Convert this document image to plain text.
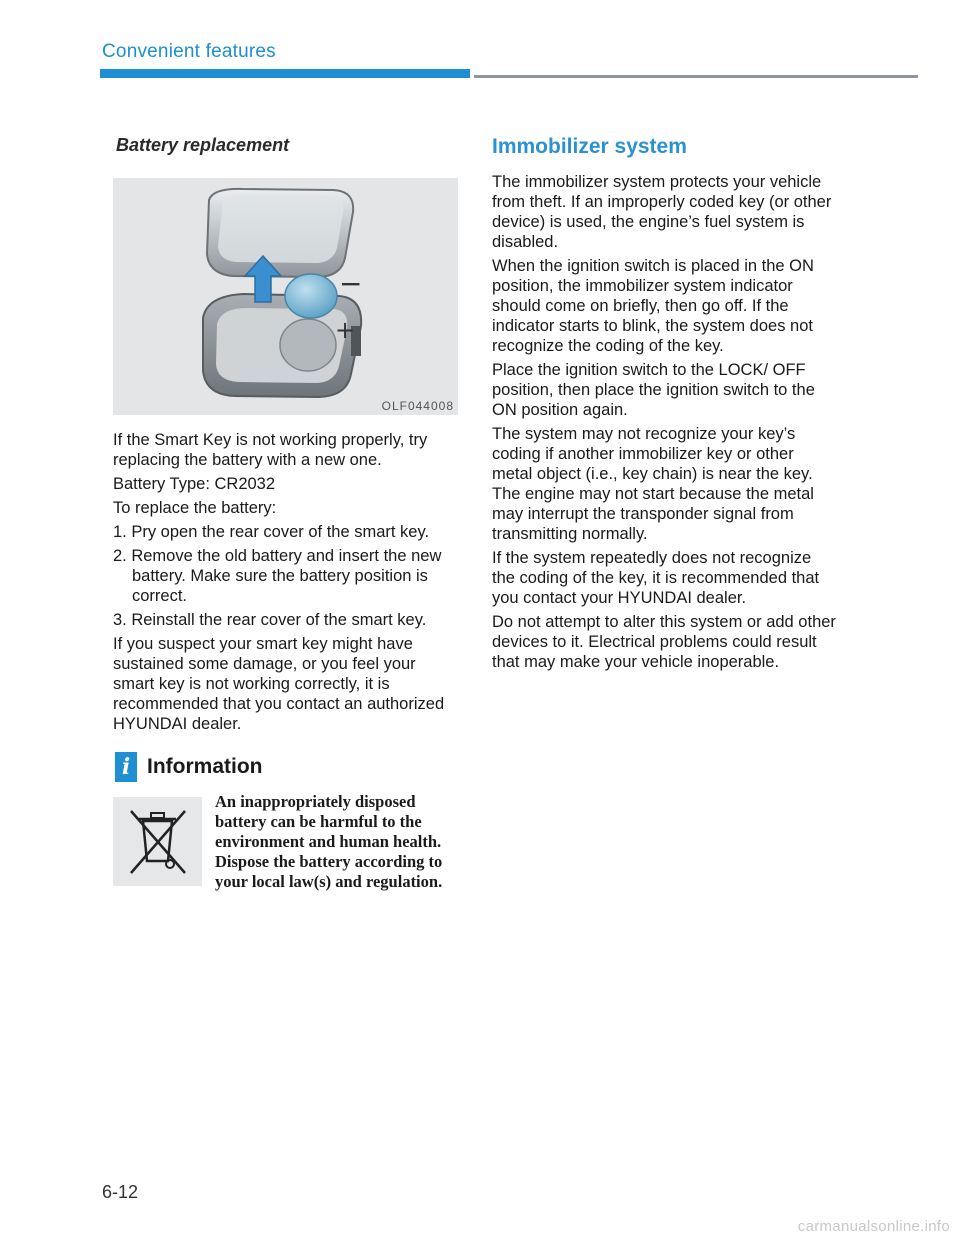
Convenient features
Battery replacement
−
+
OLF044008

If the Smart Key is not working properly, try replacing the battery with a new one.

Battery Type: CR2032

To replace the battery:

1. Pry open the rear cover of the smart key.
2. Remove the old battery and insert the new battery. Make sure the battery position is correct.
3. Reinstall the rear cover of the smart key.

If you suspect your smart key might have sustained some damage, or you feel your smart key is not working correctly, it is recommended that you contact an authorized HYUNDAI dealer.

i Information
An inappropriately disposed battery can be harmful to the environment and human health. Dispose the battery according to your local law(s) and regulation.
Immobilizer system

The immobilizer system protects your vehicle from theft. If an improperly coded key (or other device) is used, the engine’s fuel system is disabled.

When the ignition switch is placed in the ON position, the immobilizer system indicator should come on briefly, then go off. If the indicator starts to blink, the system does not recognize the coding of the key.

Place the ignition switch to the LOCK/ OFF position, then place the ignition switch to the ON position again.

The system may not recognize your key’s coding if another immobilizer key or other metal object (i.e., key chain) is near the key. The engine may not start because the metal may interrupt the transponder signal from transmitting normally.

If the system repeatedly does not recognize the coding of the key, it is recommended that you contact your HYUNDAI dealer.

Do not attempt to alter this system or add other devices to it. Electrical problems could result that may make your vehicle inoperable.

6-12
carmanualsonline.info
